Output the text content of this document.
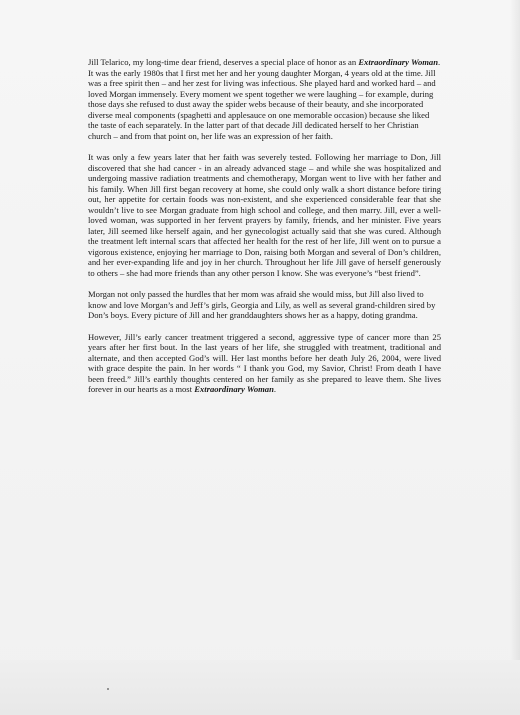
Jill Telarico, my long-time dear friend, deserves a special place of honor as an Extraordinary Woman. It was the early 1980s that I first met her and her young daughter Morgan, 4 years old at the time. Jill was a free spirit then – and her zest for living was infectious. She played hard and worked hard – and loved Morgan immensely. Every moment we spent together we were laughing – for example, during those days she refused to dust away the spider webs because of their beauty, and she incorporated diverse meal components (spaghetti and applesauce on one memorable occasion) because she liked the taste of each separately. In the latter part of that decade Jill dedicated herself to her Christian church – and from that point on, her life was an expression of her faith.

It was only a few years later that her faith was severely tested. Following her marriage to Don, Jill discovered that she had cancer - in an already advanced stage – and while she was hospitalized and undergoing massive radiation treatments and chemotherapy, Morgan went to live with her father and his family. When Jill first began recovery at home, she could only walk a short distance before tiring out, her appetite for certain foods was non-existent, and she experienced considerable fear that she wouldn’t live to see Morgan graduate from high school and college, and then marry. Jill, ever a well-loved woman, was supported in her fervent prayers by family, friends, and her minister. Five years later, Jill seemed like herself again, and her gynecologist actually said that she was cured. Although the treatment left internal scars that affected her health for the rest of her life, Jill went on to pursue a vigorous existence, enjoying her marriage to Don, raising both Morgan and several of Don’s children, and her ever-expanding life and joy in her church. Throughout her life Jill gave of herself generously to others – she had more friends than any other person I know. She was everyone’s “best friend”.

Morgan not only passed the hurdles that her mom was afraid she would miss, but Jill also lived to know and love Morgan’s and Jeff’s girls, Georgia and Lily, as well as several grand-children sired by Don’s boys. Every picture of Jill and her granddaughters shows her as a happy, doting grandma.

However, Jill’s early cancer treatment triggered a second, aggressive type of cancer more than 25 years after her first bout. In the last years of her life, she struggled with treatment, traditional and alternate, and then accepted God’s will. Her last months before her death July 26, 2004, were lived with grace despite the pain. In her words “ I thank you God, my Savior, Christ! From death I have been freed.” Jill’s earthly thoughts centered on her family as she prepared to leave them. She lives forever in our hearts as a most Extraordinary Woman.
